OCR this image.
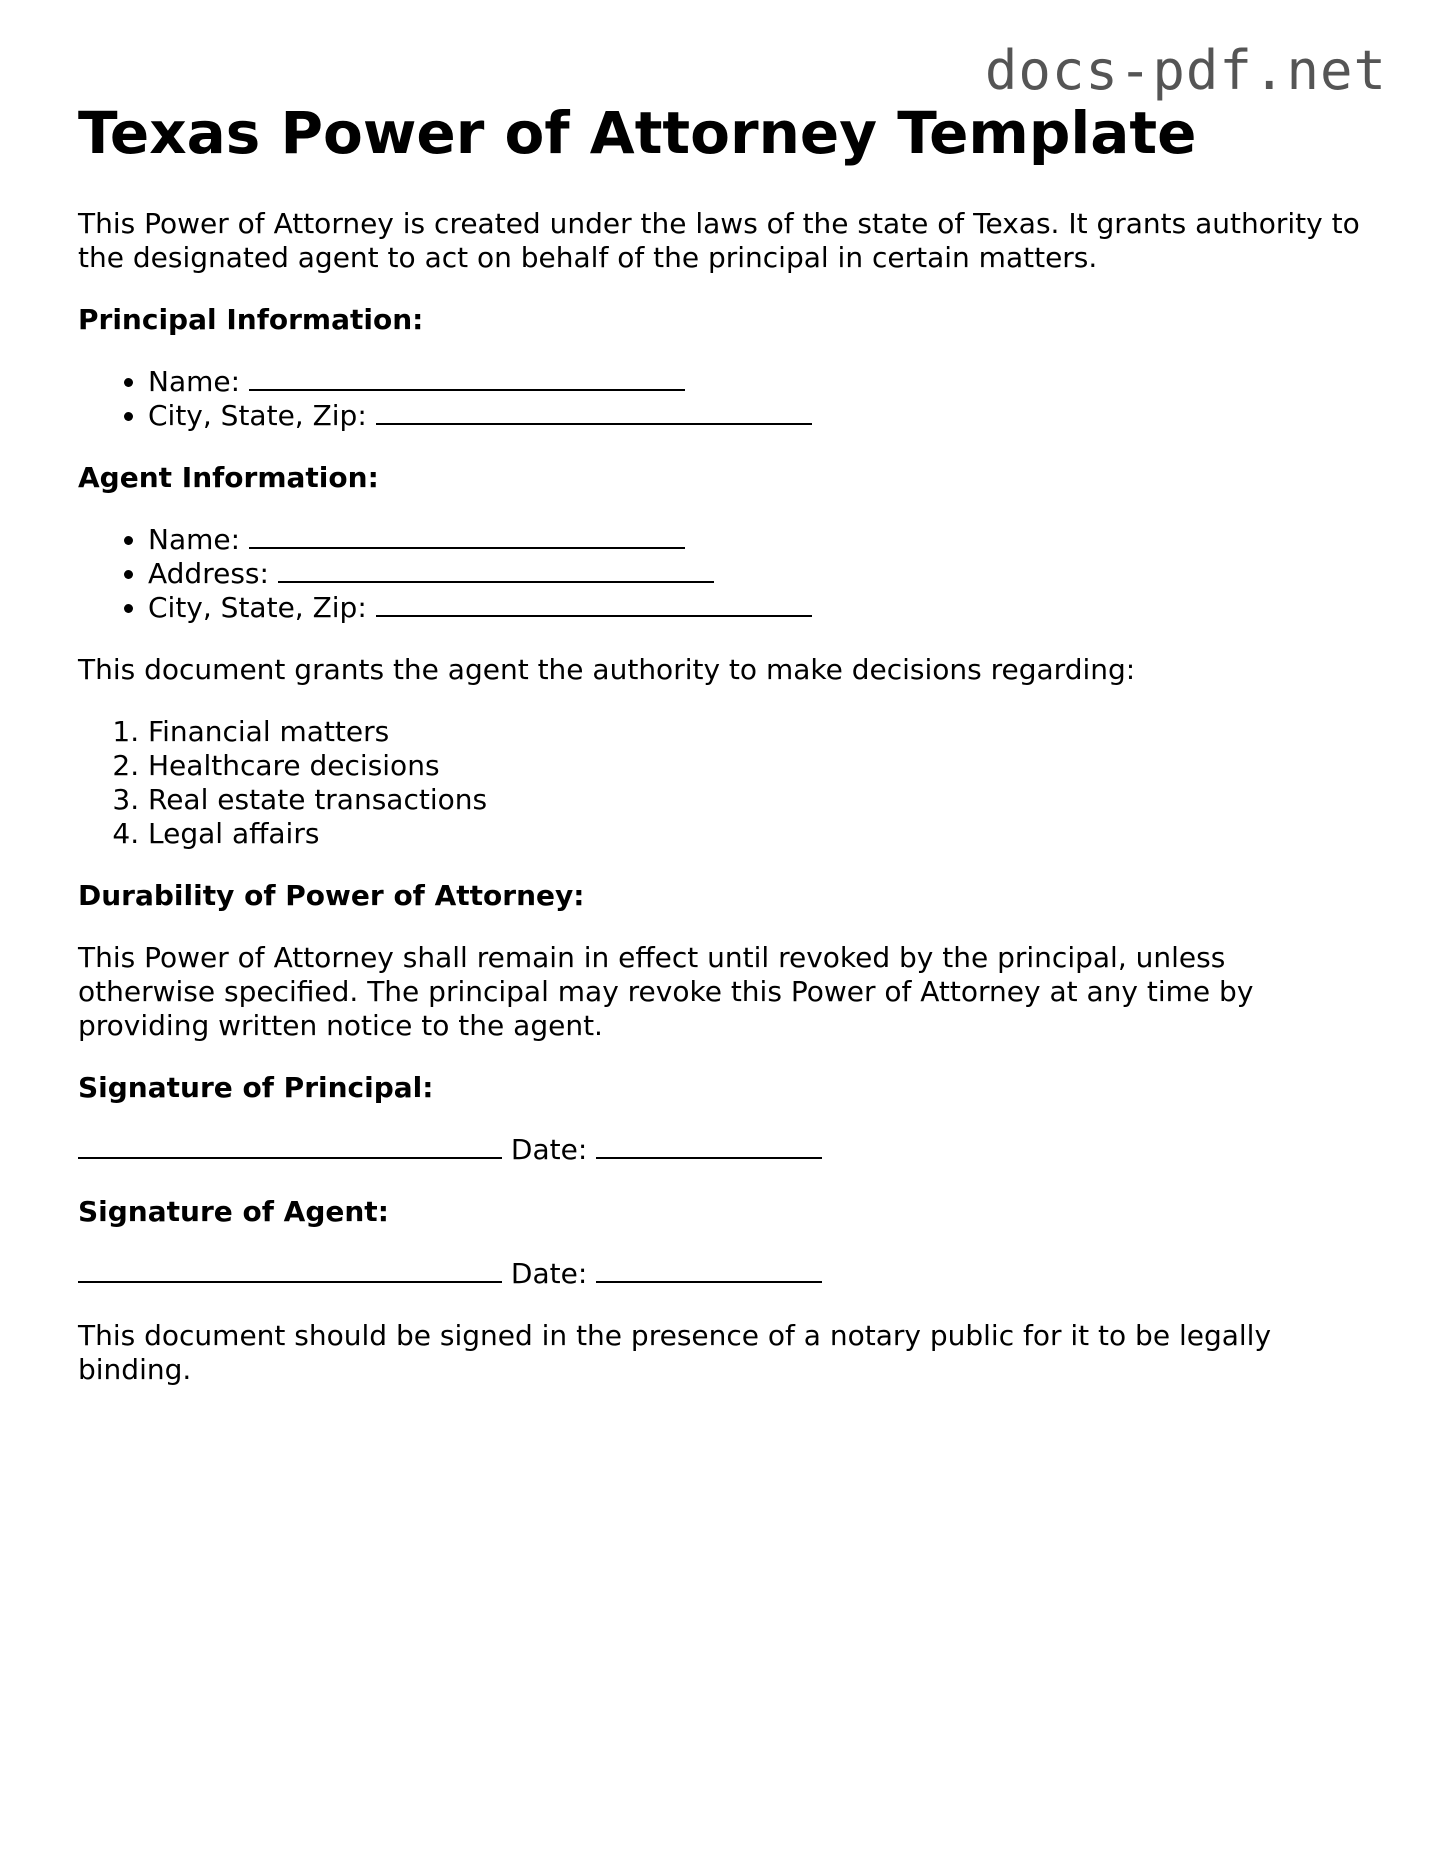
docs-pdf.net
Texas Power of Attorney Template

This Power of Attorney is created under the laws of the state of Texas. It grants authority to the designated agent to act on behalf of the principal in certain matters.

Principal Information:

• Name:
• City, State, Zip:

Agent Information:

• Name:
• Address:
• City, State, Zip:

This document grants the agent the authority to make decisions regarding:

1. Financial matters
2. Healthcare decisions
3. Real estate transactions
4. Legal affairs

Durability of Power of Attorney:

This Power of Attorney shall remain in effect until revoked by the principal, unless otherwise specified. The principal may revoke this Power of Attorney at any time by providing written notice to the agent.

Signature of Principal:

Date:

Signature of Agent:

Date:

This document should be signed in the presence of a notary public for it to be legally binding.
